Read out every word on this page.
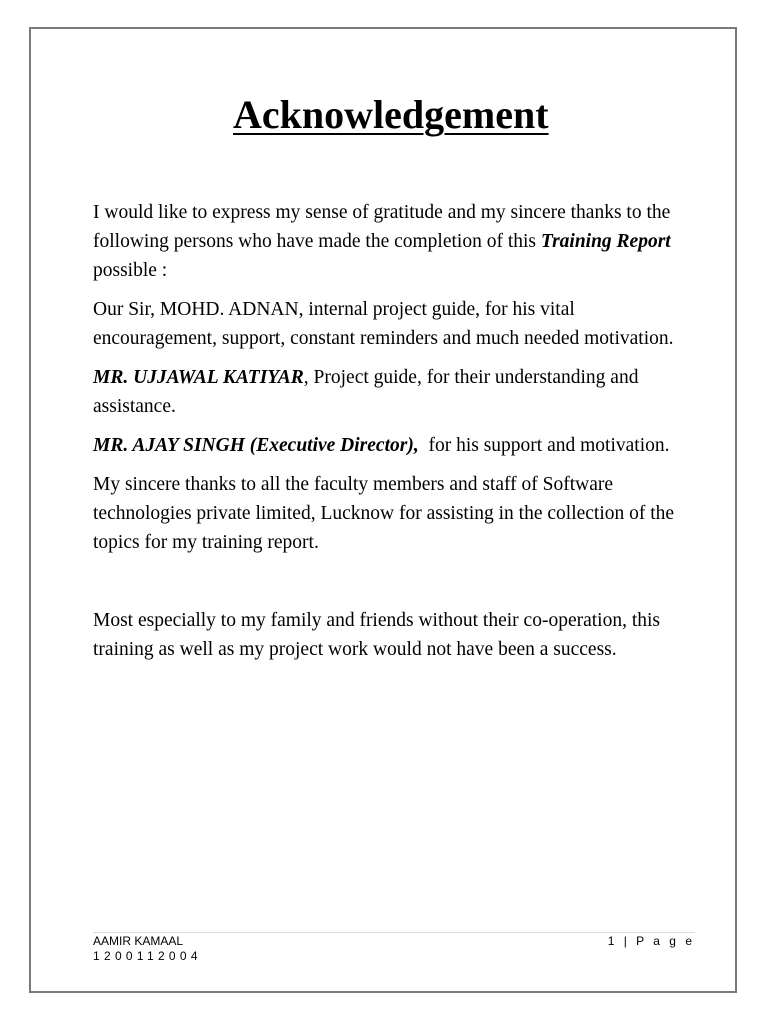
Acknowledgement

I would like to express my sense of gratitude and my sincere thanks to the following persons who have made the completion of this Training Report possible :

Our Sir, MOHD. ADNAN, internal project guide, for his vital encouragement, support, constant reminders and much needed motivation.

MR. UJJAWAL KATIYAR, Project guide, for their understanding and assistance.

MR. AJAY SINGH (Executive Director),  for his support and motivation.

My sincere thanks to all the faculty members and staff of Software technologies private limited, Lucknow for assisting in the collection of the topics for my training report.

Most especially to my family and friends without their co-operation, this training as well as my project work would not have been a success.

AAMIR KAMAAL
1200112004
1 | P a g e
